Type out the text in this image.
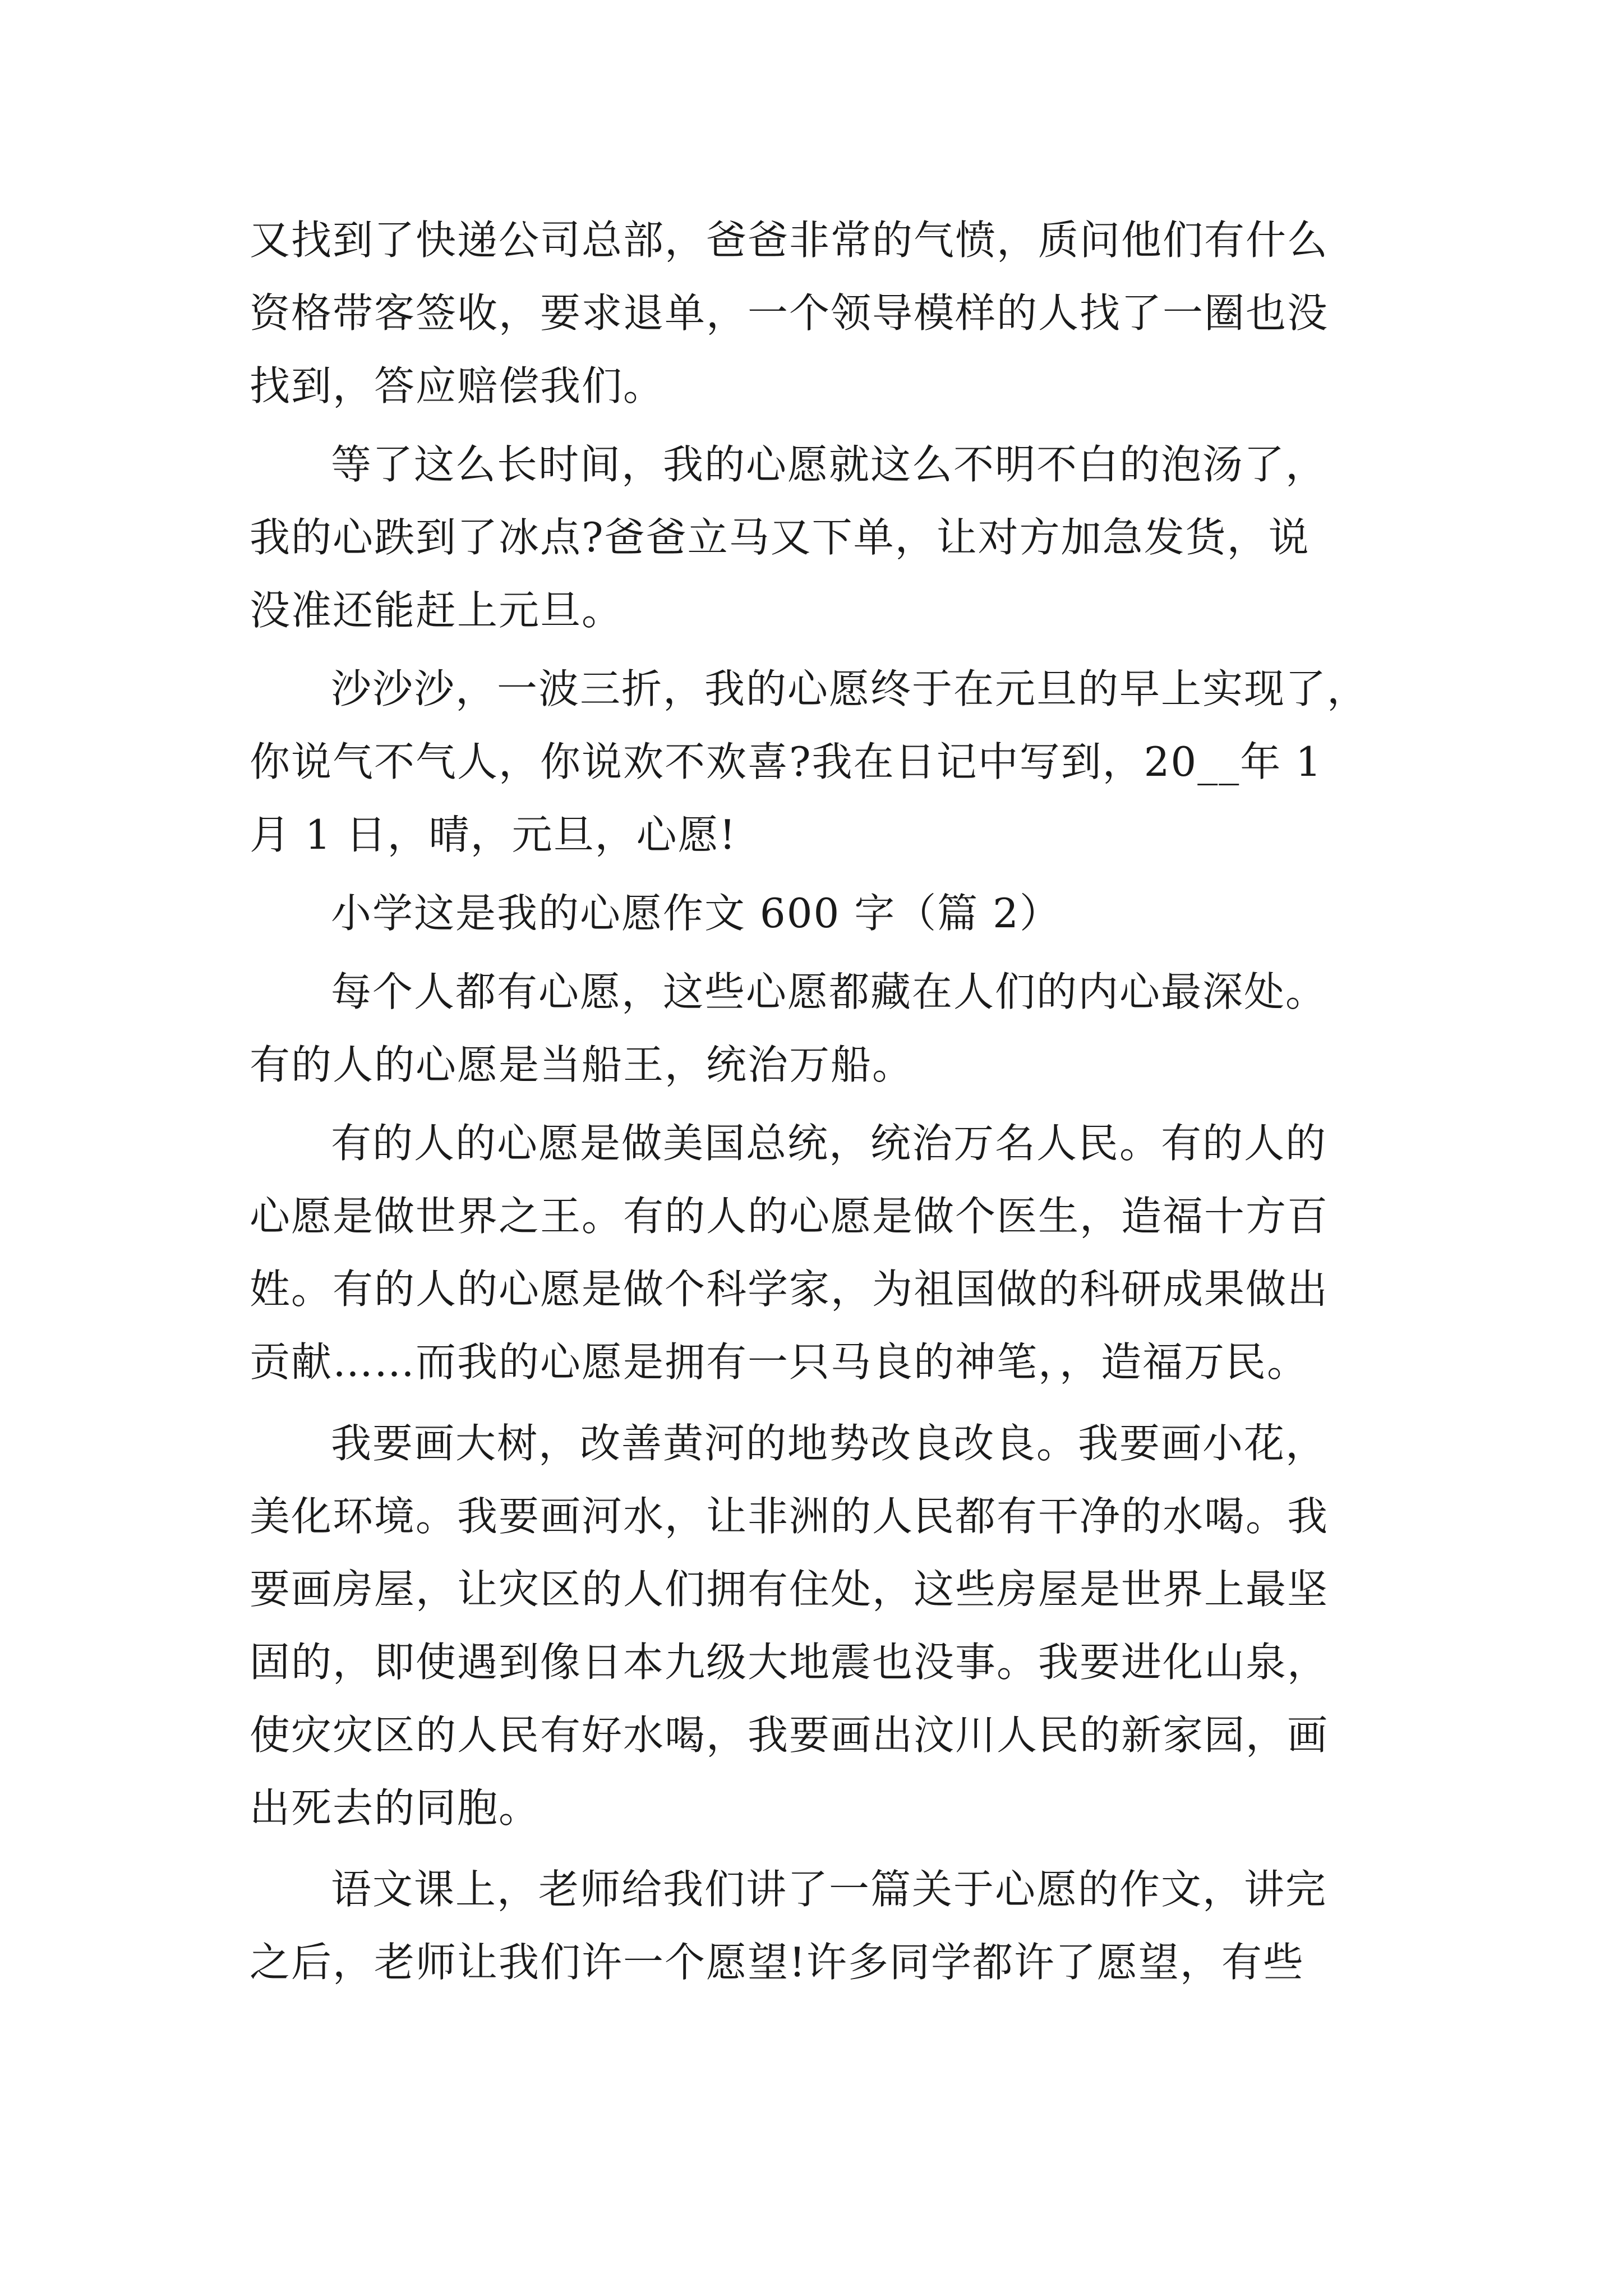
又找到了快递公司总部，爸爸非常的气愤，质问他们有什么
资格带客签收，要求退单，一个领导模样的人找了一圈也没
找到，答应赔偿我们。
等了这么长时间，我的心愿就这么不明不白的泡汤了，
我的心跌到了冰点?爸爸立马又下单，让对方加急发货，说
没准还能赶上元旦。
沙沙沙，一波三折，我的心愿终于在元旦的早上实现了，
你说气不气人，你说欢不欢喜?我在日记中写到，20__年 1
月 1 日，晴，元旦，心愿!
小学这是我的心愿作文 600 字（篇 2）
每个人都有心愿，这些心愿都藏在人们的内心最深处。
有的人的心愿是当船王，统治万船。
有的人的心愿是做美国总统，统治万名人民。有的人的
心愿是做世界之王。有的人的心愿是做个医生，造福十方百
姓。有的人的心愿是做个科学家，为祖国做的科研成果做出
贡献……而我的心愿是拥有一只马良的神笔，，造福万民。
我要画大树，改善黄河的地势改良改良。我要画小花，
美化环境。我要画河水，让非洲的人民都有干净的水喝。我
要画房屋，让灾区的人们拥有住处，这些房屋是世界上最坚
固的，即使遇到像日本九级大地震也没事。我要进化山泉，
使灾灾区的人民有好水喝，我要画出汶川人民的新家园，画
出死去的同胞。
语文课上，老师给我们讲了一篇关于心愿的作文，讲完
之后，老师让我们许一个愿望!许多同学都许了愿望，有些
